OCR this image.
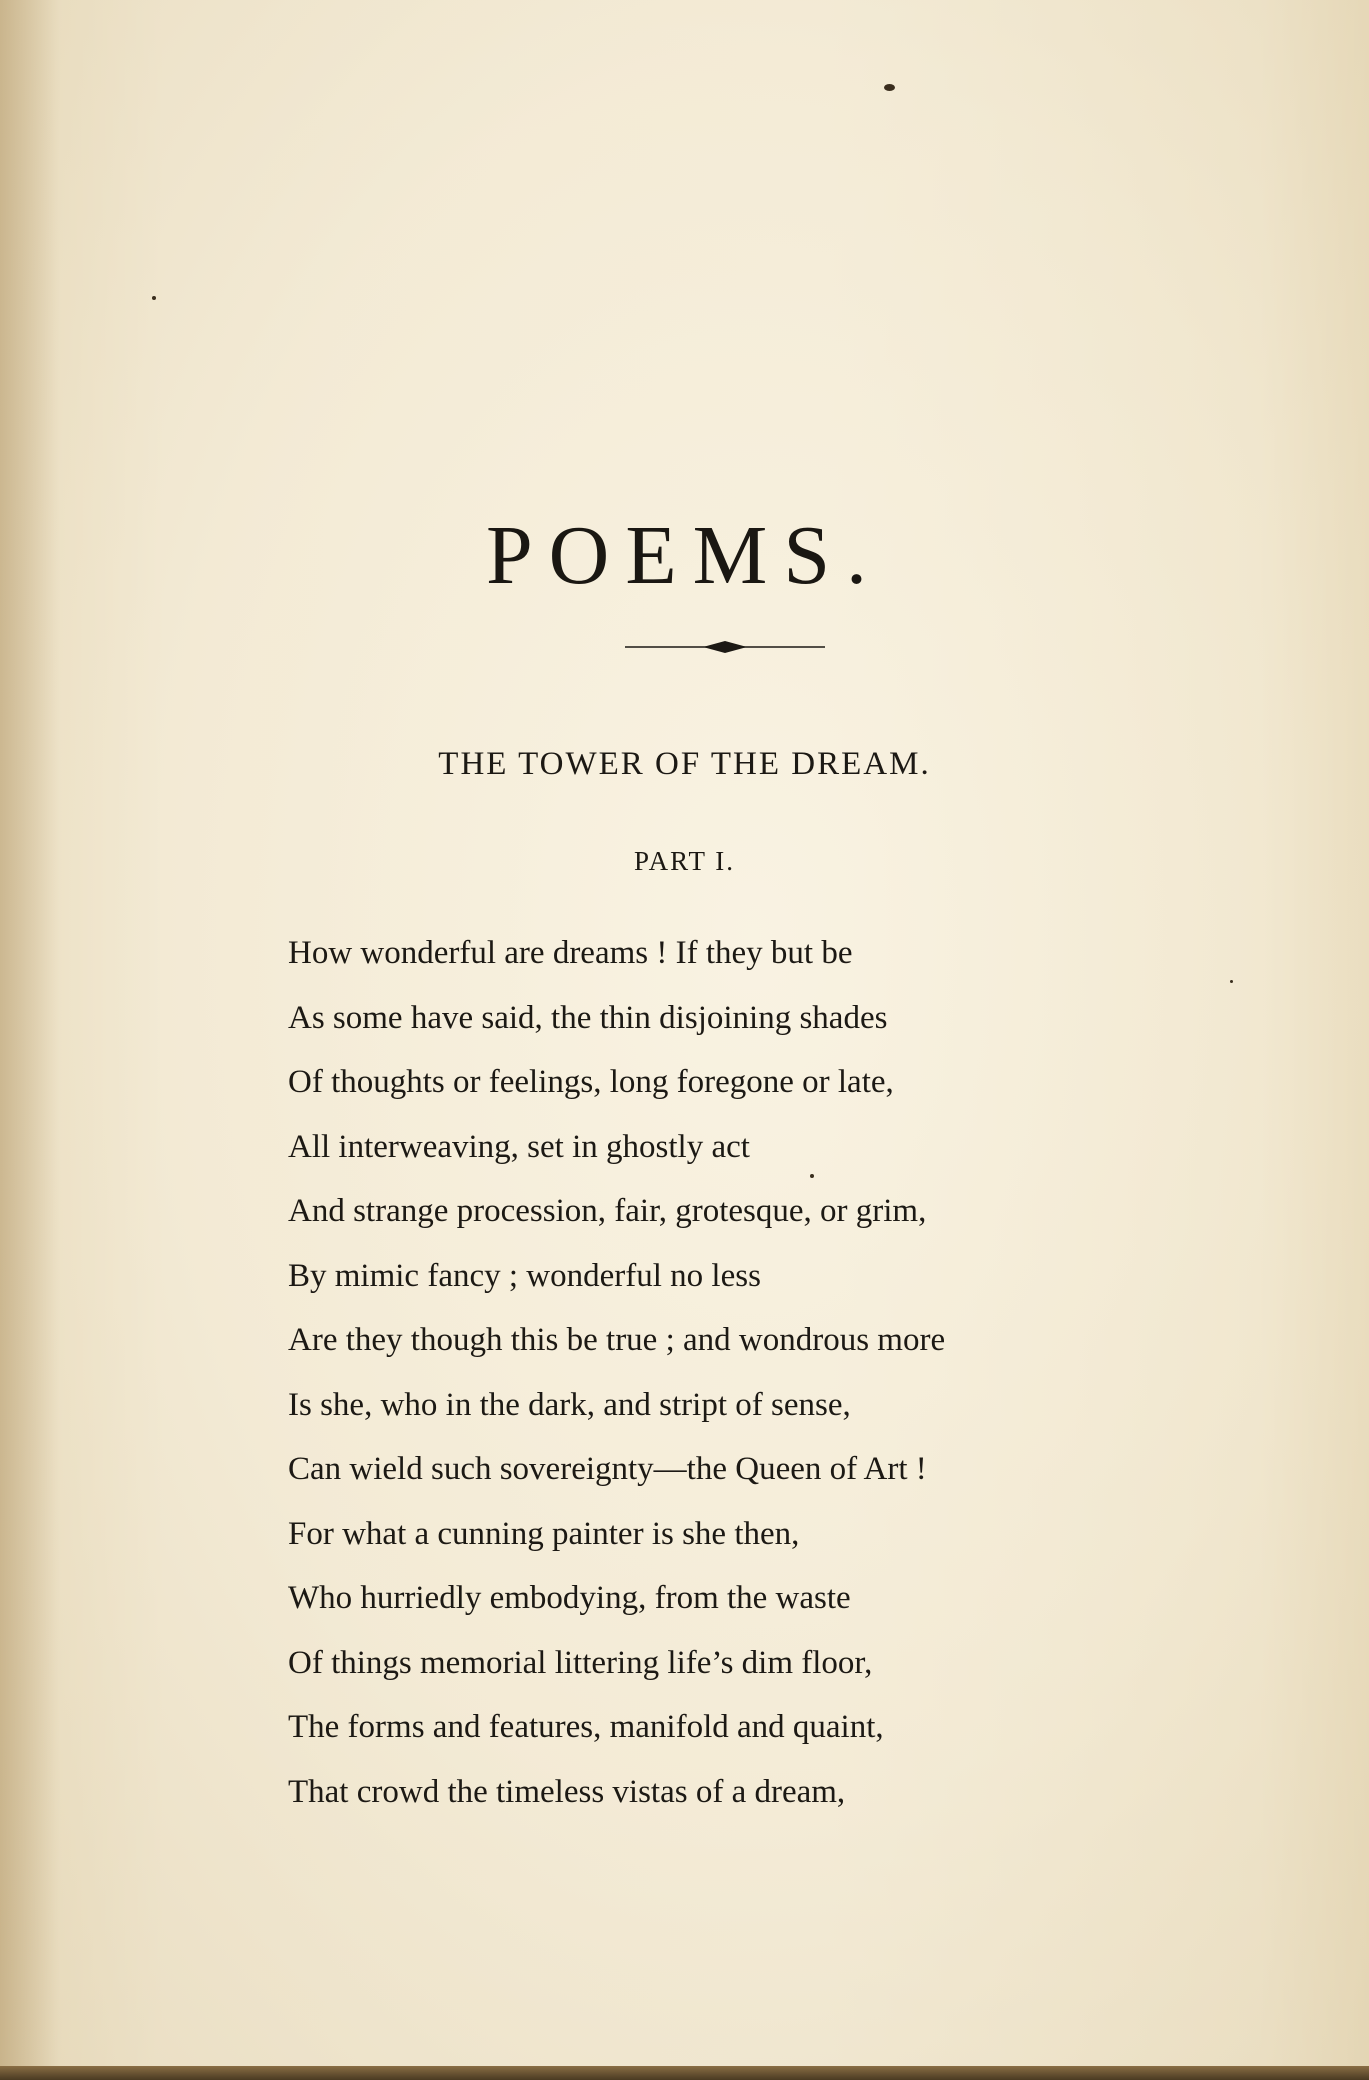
POEMS.
THE TOWER OF THE DREAM.
PART I.
How wonderful are dreams ! If they but be
As some have said, the thin disjoining shades
Of thoughts or feelings, long foregone or late,
All interweaving, set in ghostly act
And strange procession, fair, grotesque, or grim,
By mimic fancy ; wonderful no less
Are they though this be true ; and wondrous more
Is she, who in the dark, and stript of sense,
Can wield such sovereignty—the Queen of Art !
For what a cunning painter is she then,
Who hurriedly embodying, from the waste
Of things memorial littering life’s dim floor,
The forms and features, manifold and quaint,
That crowd the timeless vistas of a dream,
